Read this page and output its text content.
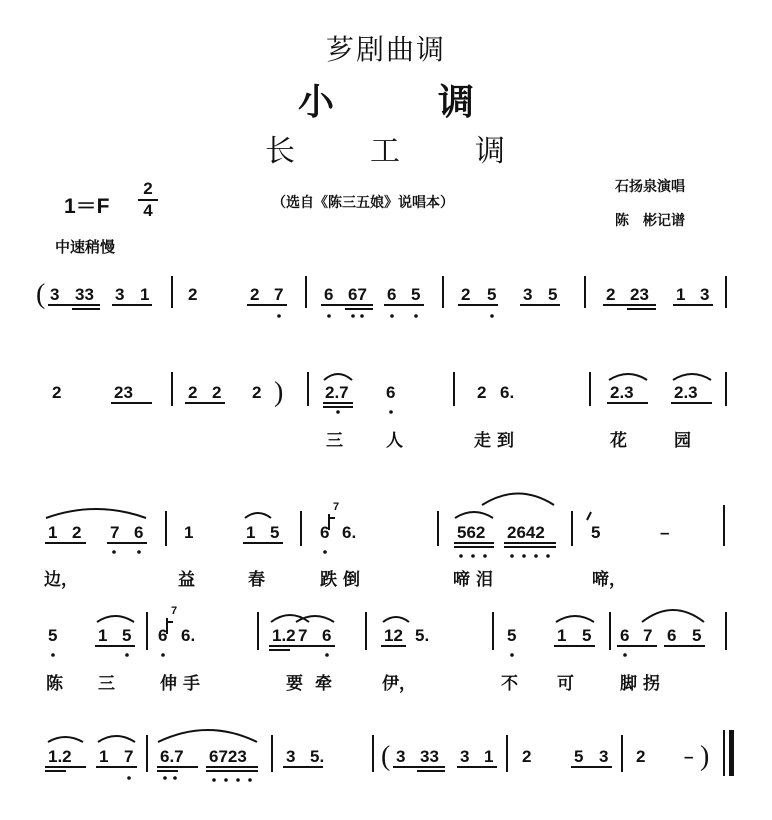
芗剧曲调
小	调
长 工 调
1＝F
2
4	（选自《陈三五娘》说唱本）
石扬泉演唱
陈　彬记谱
中速稍慢
( 3 33 3 1 2	2 7 6 67 6 5 2 5 3 5	2 23 1 3
2	23	2 2 2 ) 2.7 6	2 6.	2.3 2.3
三	人	走到	花	园
1 2 7 6 1	1 5 6
7
6.	562 2642	5	–
边，	益	春	跌倒	啼泪	啼，
5 1 5 6
7
6.	1.2 7 6	12 5.	5 1 5 6 7 6 5
陈 三	伸手	要牵 伊，	不 可	脚拐
1.2 1 7 6.7 6723 3 5. ( 3 33 3 1 2	5 3 2 – )
